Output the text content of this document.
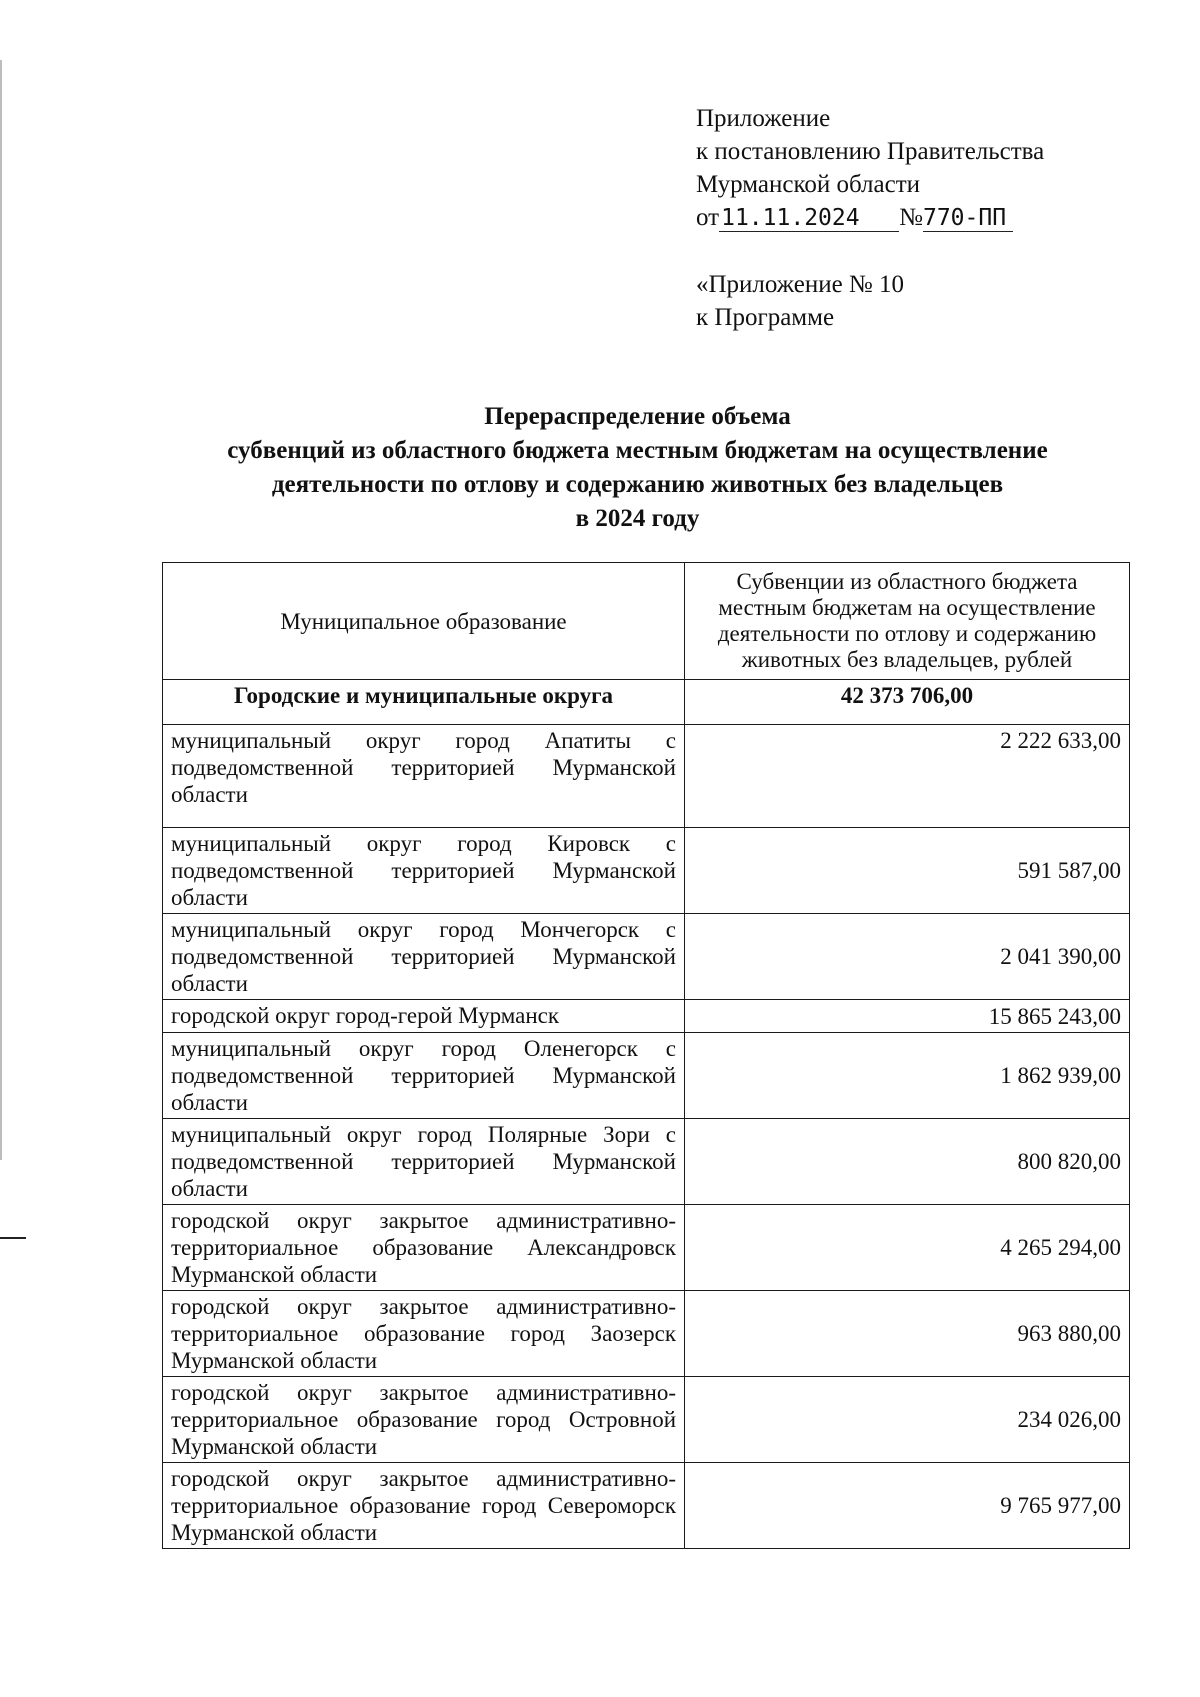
Приложение
к постановлению Правительства
Мурманской области
от11.11.2024 №770-ПП
«Приложение № 10
к Программе
Перераспределение объема
субвенций из областного бюджета местным бюджетам на осуществление
деятельности по отлову и содержанию животных без владельцев
в 2024 году
Муниципальное образование	Субвенции из областного бюджета местным бюджетам на осуществление деятельности по отлову и содержанию животных без владельцев, рублей
Городские и муниципальные округа	42 373 706,00
муниципальный округ город Апатиты с подведомственной территорией Мурманской области	2 222 633,00
муниципальный округ город Кировск с подведомственной территорией Мурманской области	591 587,00
муниципальный округ город Мончегорск с подведомственной территорией Мурманской области	2 041 390,00
городской округ город-герой Мурманск	15 865 243,00
муниципальный округ город Оленегорск с подведомственной территорией Мурманской области	1 862 939,00
муниципальный округ город Полярные Зори с подведомственной территорией Мурманской области	800 820,00
городской округ закрытое административно-территориальное образование Александровск Мурманской области	4 265 294,00
городской округ закрытое административно-территориальное образование город Заозерск Мурманской области	963 880,00
городской округ закрытое административно-территориальное образование город Островной Мурманской области	234 026,00
городской округ закрытое административно-территориальное образование город Североморск Мурманской области	9 765 977,00
